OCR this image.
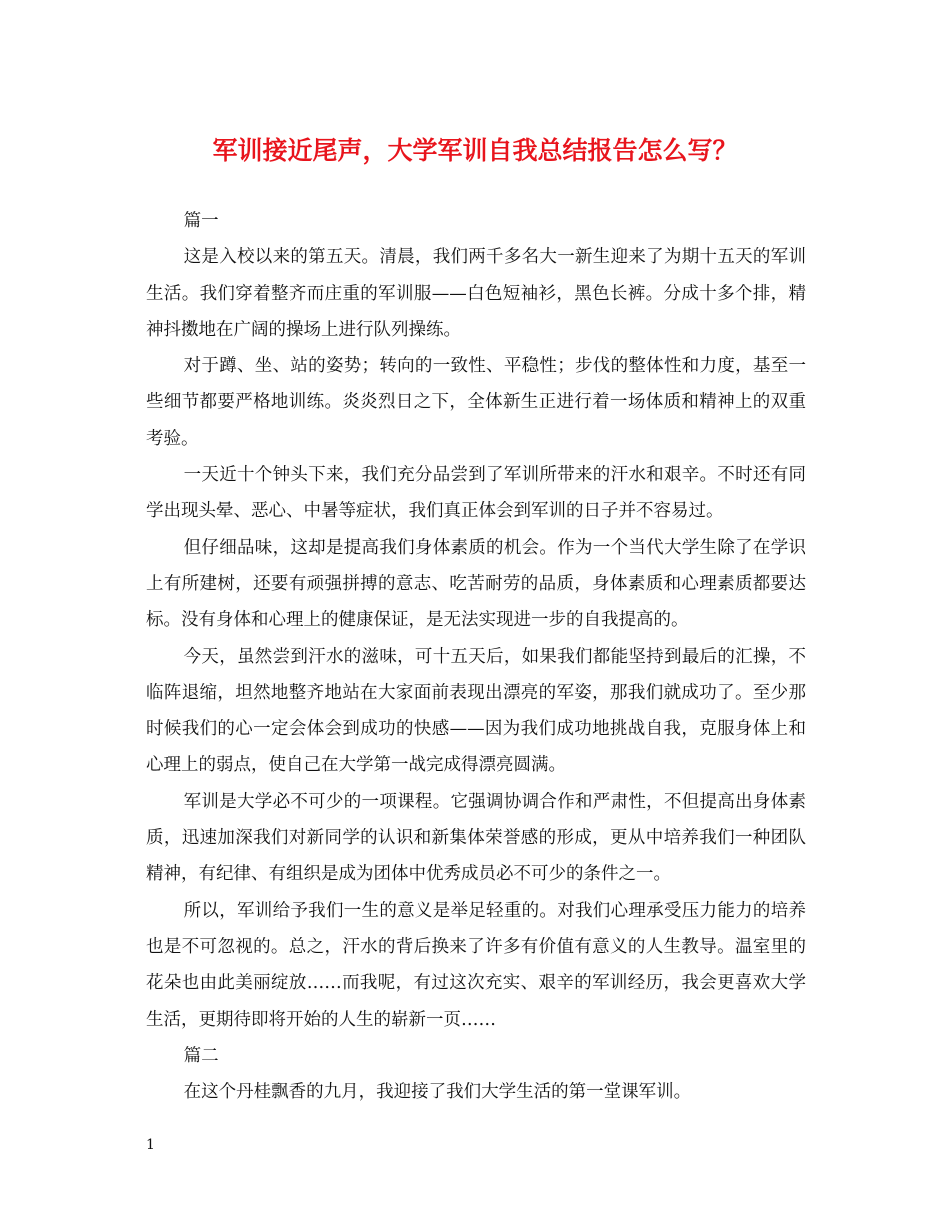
军训接近尾声，大学军训自我总结报告怎么写？

篇一

这是入校以来的第五天。清晨，我们两千多名大一新生迎来了为期十五天的军训生活。我们穿着整齐而庄重的军训服——白色短袖衫，黑色长裤。分成十多个排，精神抖擞地在广阔的操场上进行队列操练。

对于蹲、坐、站的姿势；转向的一致性、平稳性；步伐的整体性和力度，基至一些细节都要严格地训练。炎炎烈日之下，全体新生正进行着一场体质和精神上的双重考验。

一天近十个钟头下来，我们充分品尝到了军训所带来的汗水和艰辛。不时还有同学出现头晕、恶心、中暑等症状，我们真正体会到军训的日子并不容易过。

但仔细品味，这却是提高我们身体素质的机会。作为一个当代大学生除了在学识上有所建树，还要有顽强拼搏的意志、吃苦耐劳的品质，身体素质和心理素质都要达标。没有身体和心理上的健康保证，是无法实现进一步的自我提高的。

今天，虽然尝到汗水的滋味，可十五天后，如果我们都能坚持到最后的汇操，不临阵退缩，坦然地整齐地站在大家面前表现出漂亮的军姿，那我们就成功了。至少那时候我们的心一定会体会到成功的快感——因为我们成功地挑战自我，克服身体上和心理上的弱点，使自己在大学第一战完成得漂亮圆满。

军训是大学必不可少的一项课程。它强调协调合作和严肃性，不但提高出身体素质，迅速加深我们对新同学的认识和新集体荣誉感的形成，更从中培养我们一种团队精神，有纪律、有组织是成为团体中优秀成员必不可少的条件之一。

所以，军训给予我们一生的意义是举足轻重的。对我们心理承受压力能力的培养也是不可忽视的。总之，汗水的背后换来了许多有价值有意义的人生教导。温室里的花朵也由此美丽绽放……而我呢，有过这次充实、艰辛的军训经历，我会更喜欢大学生活，更期待即将开始的人生的崭新一页……

篇二

在这个丹桂飘香的九月，我迎接了我们大学生活的第一堂课军训。

1
